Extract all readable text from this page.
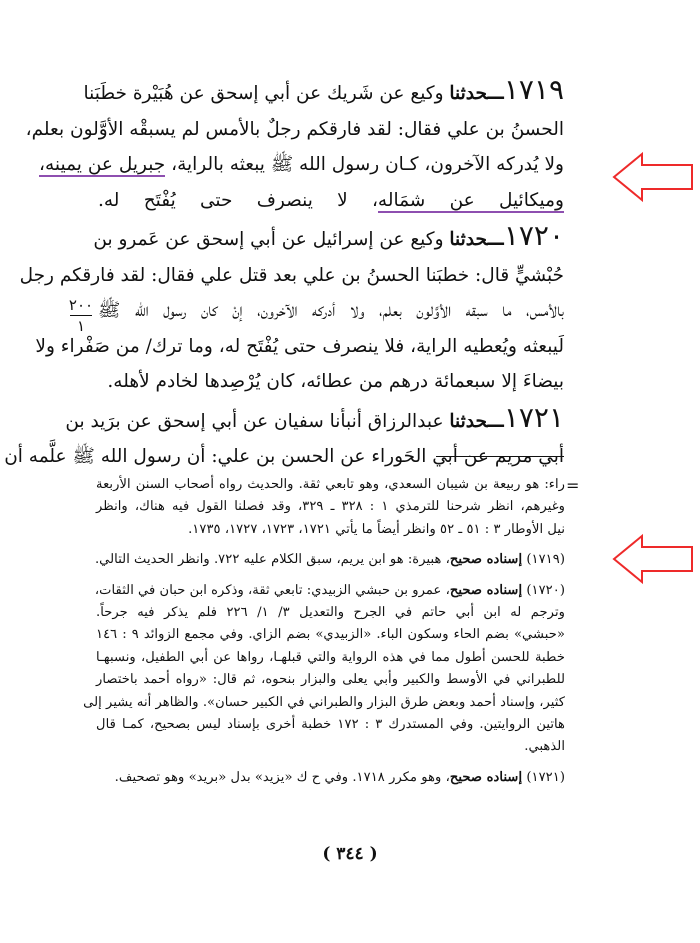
١٧١٩ــحدثنا وكيع عن شَريك عن أبي إسحق عن هُبَيْرة خطَبَنا
الحسنُ بن علي فقال: لقد فارقكم رجلٌ بالأمس لم يسبقْه الأوَّلون بعلم،
ولا يُدركه الآخرون، كـان رسول الله ﷺ يبعثه بالراية، جبريل عن يمينه،
وميكائيل عن شمَاله، لا ينصرف حتى يُفْتَح له.
١٧٢٠ــحدثنا وكيع عن إسرائيل عن أبي إسحق عن عَمرو بن
حُبْشيٍّ قال: خطبَنا الحسنُ بن علي بعد قتل علي فقال: لقد فارقكم رجل
بالأمس، ما سبقه الأوَّلون بعلم، ولا أدركه الآخرون، إنْ كان رسول الله ﷺ
لَيبعثه ويُعطيه الراية، فلا ينصرف حتى يُفْتَح له، وما ترك/ من صَفْراء ولا
بيضاءَ إلا سبعمائة درهم من عطائه، كان يُرْصِدها لخادم لأهله.
١٧٢١ــحدثنا عبدالرزاق أنبأنا سفيان عن أبي إسحق عن برَيد بن
أبي مريم عن أبي الحَوراء عن الحسن بن علي: أن رسول الله ﷺ علَّمه أن
٢٠٠
١
=
راء: هو ربيعة بن شيبان السعدي، وهو تابعي ثقة. والحديث رواه أصحاب السنن الأربعة
وغيرهم، انظر شرحنا للترمذي ١ : ٣٢٨ ـ ٣٢٩، وقد فصلنا القول فيه هناك، وانظر
نيل الأوطار ٣ : ٥١ ـ ٥٢ وانظر أيضاً ما يأتي ١٧٢١، ١٧٢٣، ١٧٢٧، ١٧٣٥.
(١٧١٩) إسناده صحيح، هبيرة: هو ابن يريم، سبق الكلام عليه ٧٢٢. وانظر الحديث التالي.
(١٧٢٠) إسناده صحيح، عمرو بن حبشي الزبيدي: تابعي ثقة، وذكره ابن حبان في الثقات،
وترجم له ابن أبي حاتم في الجرح والتعديل ٣/ ١/ ٢٢٦ فلم يذكر فيه جرحاً.
«حبشي» بضم الحاء وسكون الباء. «الزبيدي» بضم الزاي. وفي مجمع الزوائد ٩ : ١٤٦
خطبة للحسن أطول مما في هذه الرواية والتي قبلهـا، رواها عن أبي الطفيل، ونسبهـا
للطبراني في الأوسط والكبير وأبي يعلى والبزار بنحوه، ثم قال: «رواه أحمد باختصار
كثير، وإسناد أحمد وبعض طرق البزار والطبراني في الكبير حسان». والظاهر أنه يشير إلى
هاتين الروايتين. وفي المستدرك ٣ : ١٧٢ خطبة أخرى بإسناد ليس بصحيح، كمـا قال
الذهبي.
(١٧٢١) إسناده صحيح، وهو مكرر ١٧١٨. وفي ح ك «يزيد» بدل «بريد» وهو تصحيف.
( ٣٤٤ )
